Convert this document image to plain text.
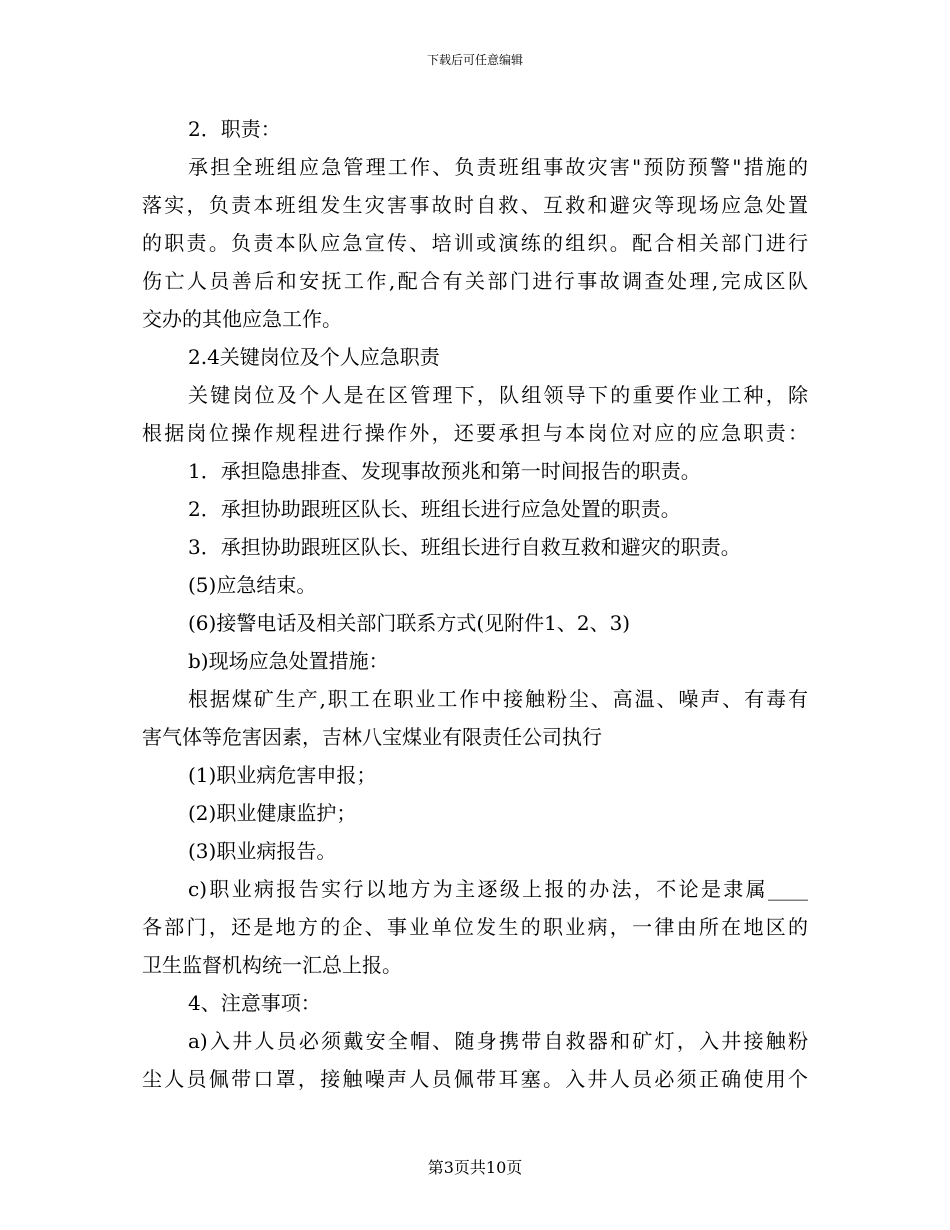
下载后可任意编辑
2．职责：
承担全班组应急管理工作、负责班组事故灾害"预防预警"措施的
落实，负责本班组发生灾害事故时自救、互救和避灾等现场应急处置
的职责。负责本队应急宣传、培训或演练的组织。配合相关部门进行
伤亡人员善后和安抚工作,配合有关部门进行事故调查处理,完成区队
交办的其他应急工作。
2.4关键岗位及个人应急职责
关键岗位及个人是在区管理下，队组领导下的重要作业工种，除
根据岗位操作规程进行操作外，还要承担与本岗位对应的应急职责：
1．承担隐患排查、发现事故预兆和第一时间报告的职责。
2．承担协助跟班区队长、班组长进行应急处置的职责。
3．承担协助跟班区队长、班组长进行自救互救和避灾的职责。
(5)应急结束。
(6)接警电话及相关部门联系方式(见附件1、2、3)
b)现场应急处置措施：
根据煤矿生产,职工在职业工作中接触粉尘、高温、噪声、有毒有
害气体等危害因素，吉林八宝煤业有限责任公司执行
(1)职业病危害申报；
(2)职业健康监护；
(3)职业病报告。
c)职业病报告实行以地方为主逐级上报的办法，不论是隶属____
各部门，还是地方的企、事业单位发生的职业病，一律由所在地区的
卫生监督机构统一汇总上报。
4、注意事项：
a)入井人员必须戴安全帽、随身携带自救器和矿灯，入井接触粉
尘人员佩带口罩，接触噪声人员佩带耳塞。入井人员必须正确使用个
第3页共10页
